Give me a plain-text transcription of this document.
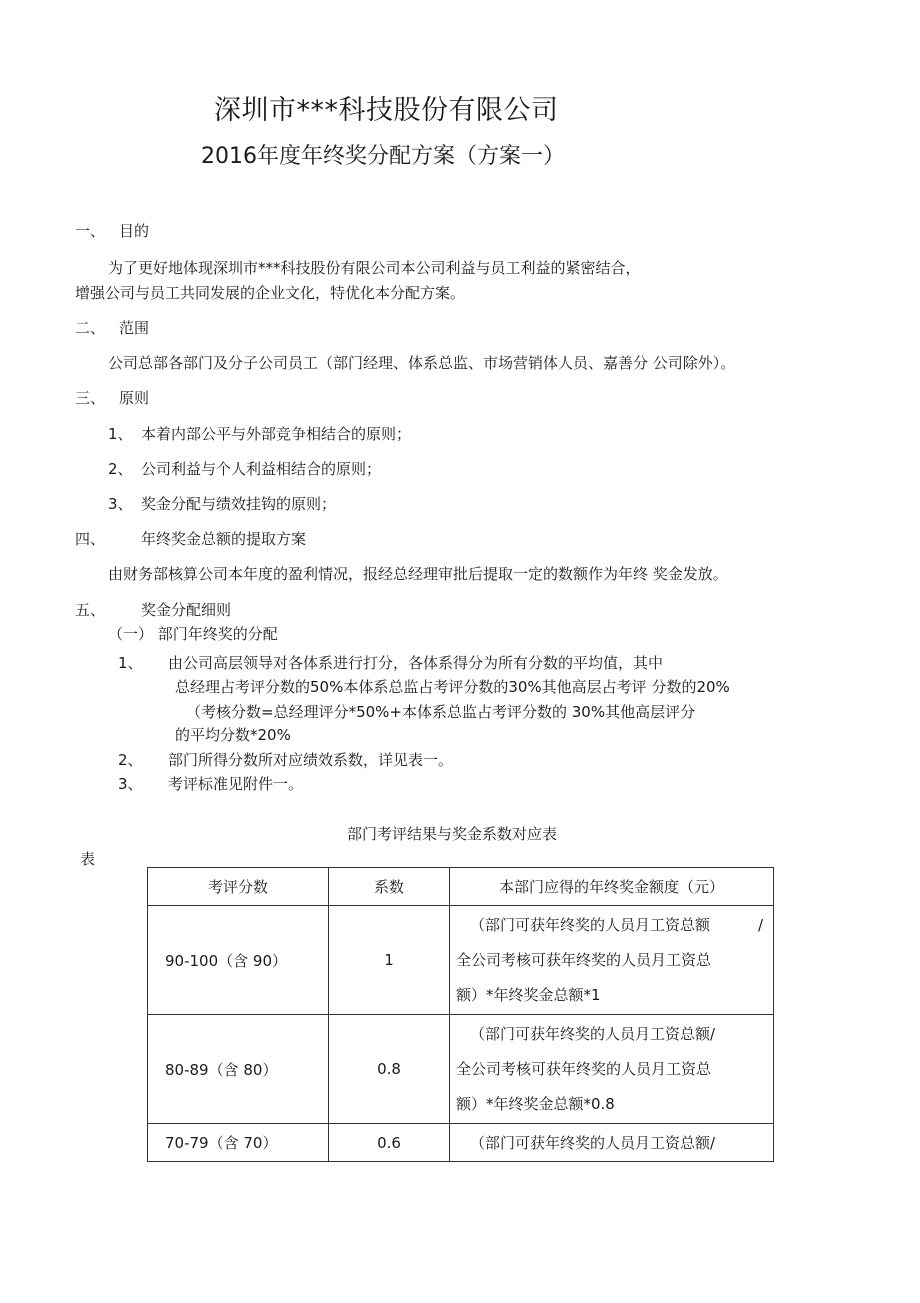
深圳市***科技股份有限公司
2016年度年终奖分配方案（方案一）
一、 目的
为了更好地体现深圳市***科技股份有限公司本公司利益与员工利益的紧密结合，
增强公司与员工共同发展的企业文化，特优化本分配方案。
二、 范围
公司总部各部门及分子公司员工（部门经理、体系总监、市场营销体人员、嘉善分 公司除外）。
三、 原则
1、 本着内部公平与外部竞争相结合的原则；
2、 公司利益与个人利益相结合的原则；
3、 奖金分配与绩效挂钩的原则；
四、 年终奖金总额的提取方案
由财务部核算公司本年度的盈利情况，报经总经理审批后提取一定的数额作为年终 奖金发放。
五、 奖金分配细则
（一） 部门年终奖的分配
1、 由公司高层领导对各体系进行打分，各体系得分为所有分数的平均值，其中
总经理占考评分数的50%本体系总监占考评分数的30%其他高层占考评 分数的20%
（考核分数=总经理评分*50%+本体系总监占考评分数的 30%其他高层评分
的平均分数*20%
2、 部门所得分数所对应绩效系数，详见表一。
3、 考评标准见附件一。
部门考评结果与奖金系数对应表
表
考评分数	系数	本部门应得的年终奖金额度（元）
90-100（含 90）	1	（部门可获年终奖的人员月工资总额 /
全公司考核可获年终奖的人员月工资总
额）*年终奖金总额*1

80-89（含 80）	0.8	（部门可获年终奖的人员月工资总额/
全公司考核可获年终奖的人员月工资总
额）*年终奖金总额*0.8

70-79（含 70）	0.6	（部门可获年终奖的人员月工资总额/
